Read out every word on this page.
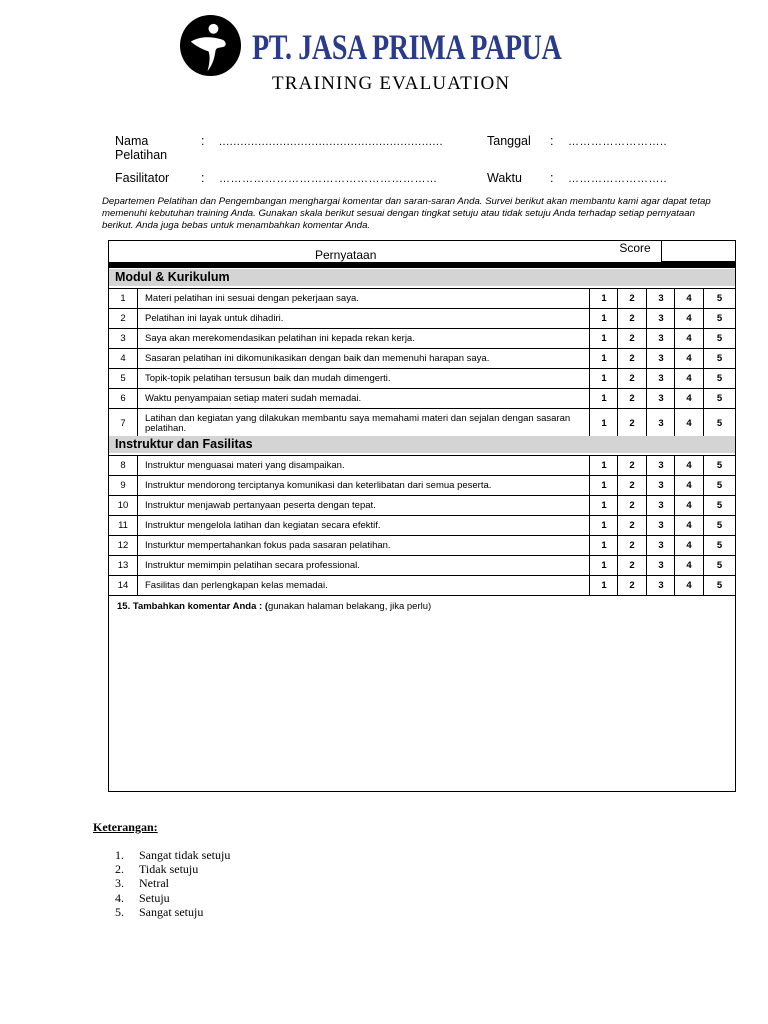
PT. JASA PRIMA PAPUA
TRAINING EVALUATION
Nama Pelatihan
: ...............................................................	Tanggal : ……………………..
Fasilitator	: …………………………………………………	Waktu : ……………………..
Departemen Pelatihan dan Pengembangan menghargai komentar dan saran-saran Anda. Survei berikut akan membantu kami agar dapat tetap memenuhi kebutuhan training Anda. Gunakan skala berikut sesuai dengan tingkat setuju atau tidak setuju Anda terhadap setiap pernyataan berikut. Anda juga bebas untuk menambahkan komentar Anda.
Pernyataan	Score
Modul & Kurikulum
1	Materi pelatihan ini sesuai dengan pekerjaan saya.	1	2	3	4	5
2	Pelatihan ini layak untuk dihadiri.	1	2	3	4	5
3	Saya akan merekomendasikan pelatihan ini kepada rekan kerja.	1	2	3	4	5
4	Sasaran pelatihan ini dikomunikasikan dengan baik dan memenuhi harapan saya.	1	2	3	4	5
5	Topik-topik pelatihan tersusun baik dan mudah dimengerti.	1	2	3	4	5
6	Waktu penyampaian setiap materi sudah memadai.	1	2	3	4	5
7	Latihan dan kegiatan yang dilakukan membantu saya memahami materi dan sejalan dengan sasaran pelatihan.	1	2	3	4	5
Instruktur dan Fasilitas
8	Instruktur menguasai materi yang disampaikan.	1	2	3	4	5
9	Instruktur mendorong terciptanya komunikasi dan keterlibatan dari semua peserta.	1	2	3	4	5
10	Instruktur menjawab pertanyaan peserta dengan tepat.	1	2	3	4	5
11	Instruktur mengelola latihan dan kegiatan secara efektif.	1	2	3	4	5
12	Insturktur mempertahankan fokus pada sasaran pelatihan.	1	2	3	4	5
13	Instruktur memimpin pelatihan secara professional.	1	2	3	4	5
14	Fasilitas dan perlengkapan kelas memadai.	1	2	3	4	5
15. Tambahkan komentar Anda : (gunakan halaman belakang, jika perlu)
Keterangan:
1. Sangat tidak setuju
2. Tidak setuju
3. Netral
4. Setuju
5. Sangat setuju
